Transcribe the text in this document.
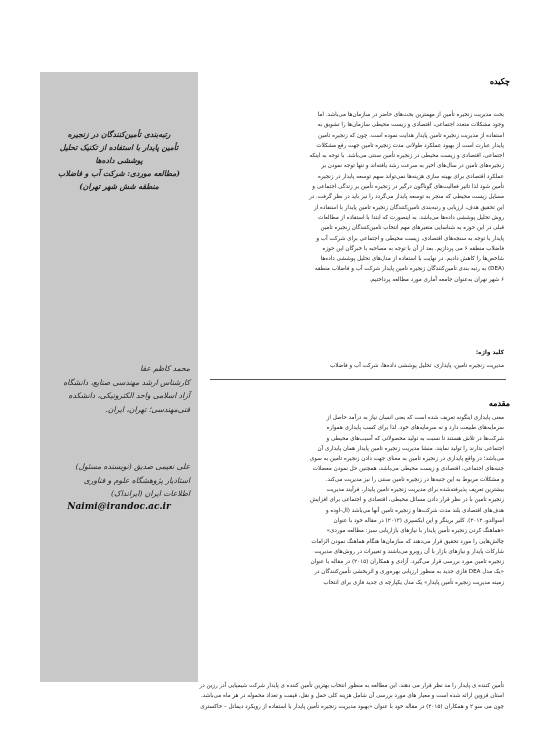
رتبه‌بندی تأمین‌کنندگان در زنجیره
تأمین پایدار با استفاده از تکنیک تحلیل
پوششی داده‌ها
(مطالعه موردی: شرکت آب و فاضلاب
منطقه شش شهر تهران)
محمد کاظم عقا
کارشناس ارشد مهندسی صنایع، دانشگاه
آزاد اسلامی واحد الکترونیکی، دانشکده
فنی‌مهندسی؛ تهران، ایران.
علی نعیمی صدیق (نویسنده مسئول)
استادیار پژوهشگاه علوم و فناوری
اطلاعات ایران (ایرانداک)
Naimi@irandoc.ac.ir
چکیده
بحث مدیریت زنجیره تأمین از مهمترین بحث‌های حاضر در سازمان‌ها می‌باشد. اما
وجود مشکلات متعدد اجتماعی، اقتصادی و زیست محیطی سازمان‌ها را تشویق به
استفاده از مدیریت زنجیره تامین پایدار هدایت نموده است. چون که زنجیره تامین
پایدار عبارت است از بهبود عملکرد طولانی مدت زنجیره تامین جهت رفع مشکلات
اجتماعی، اقتصادی و زیست محیطی در زنجیره تأمین سنتی می‌باشد. با توجه به اینکه
زنجیره‌های تامین در سال‌های اخیر به سرعت رشد یافته‌اند و تنها توجه نمودن بر
عملکرد اقتصادی برای بهینه سازی هزینه‌ها نمی‌تواند سهم توسعه پایدار در زنجیره
تأمین شود لذا تاثیر فعالیت‌های گوناگون درگیر در زنجیره تأمین بر زندگی اجتماعی و
مسایل زیست محیطی که منجر به توسعه پایدار می‌گردد را نیز باید در نظر گرفت. در
این تحقیق هدف، ارزیابی و رتبه‌بندی تامین‌کنندگان زنجیره تامین پایدار با استفاده از
روش تحلیل پوششی داده‌ها می‌باشد. به اینصورت که ابتدا با استفاده از مطالعات
قبلی در این حوزه به شناسایی متغیرهای مهم انتخاب تامین‌کنندگان زنجیره تامین
پایدار با توجه به سنجه‌های اقتصادی، زیست محیطی و اجتماعی برای شرکت آب و
فاضلاب منطقه ۶ می پردازیم. بعد از آن با توجه به مصاحبه با خبرگان این حوزه
شاخص‌ها را کاهش دادیم. در نهایت با استفاده از مدل‌های تحلیل پوششی داده‌ها
(DEA) به رتبه بندی تامین‌کنندگان زنجیره تامین پایدار شرکت آب و فاضلاب منطقه
۶ شهر تهران به‌عنوان جامعه آماری مورد مطالعه پرداختیم.
کلید واژه:
مدیریت زنجیره تامین، پایداری، تحلیل پوششی داده‌ها، شرکت آب و فاضلاب
مقدمه
معنی پایداری اینگونه تعریف شده است که یعنی انسان نیاز به درآمد حاصل از
سرمایه‌های طبیعت دارد و نه سرمایه‌های خود. لذا برای کسب پایداری همواره
شرکت‌ها در تلاش هستند تا نسبت به تولید محصولاتی که آسیب‌های محیطی و
اجتماعی ندارند را تولید نمایند. منشا مدیریت زنجیره تامین پایدار همان پایداری آن
می‌باشد؛ در واقع پایداری در زنجیره تامین به معنای جهت دادن زنجیره تامین به سوی
جنبه‌های اجتماعی، اقتصادی و زیست محیطی می‌باشد، همچنین حل نمودن معضلات
و مشکلات مربوط به این جنبه‌ها در زنجیره تامین سنتی را نیز مدیریت می‌کند.
بیشترین تعریف پذیرفته‌شده برای مدیریت زنجیره تامین پایدار، فرآیند مدیریت
زنجیره تامین با در نظر قرار دادن مسائل محیطی، اقتصادی و اجتماعی برای افزایش
هدف‌های اقتصادی بلند مدت شرکت‌ها و زنجیره تامین آنها می‌باشد (ال-اوده و
اسوالدو، ۲۰۱۲). کلیر برینگر و این ایکسیری (۲۰۱۳) در مقاله خود با عنوان
«هماهنگ کردن زنجیره تأمین پایدار با نیازهای بازاریابی سبز: مطالعه موردی»
چالش‌هایی را مورد تحقیق قرار می‌دهند که سازمان‌ها هنگام هماهنگ نمودن الزامات
شارکات پایدار و نیازهای بازار با آن روبرو می‌باشند و تغییرات در روش‌های مدیریت
زنجیره تامین مورد بررسی قرار می‌گیرد. آزادی و همکاران (۲۰۱۵) در مقاله با عنوان
«یک مدل DEA فازی جدید به منظور ارزیابی بهره‌وری و اثربخشی تأمین‌کنندگان در
زمینه مدیریت زنجیره تأمین پایدار» یک مدل یکپارچه ی جدید فازی برای انتخاب
تأمین کننده ی پایدار را مد نظر قرار می دهند. این مطالعه به منظور انتخاب بهترین تأمین کننده ی پایدار شرکت شیمیایی آدر رزین در
استان قزوین ارائه شده است و معیار های مورد بررسی آن شامل هزینه کلی حمل و نقل، قیمت و تعداد محموله در هر ماه می‌باشد.
چون می سو ۲ و همکاران (۲۰۱۵) در مقاله خود با عنوان «بهبود مدیریت زنجیره تأمین پایدار با استفاده از رویکرد دیماتل – خاکستری
